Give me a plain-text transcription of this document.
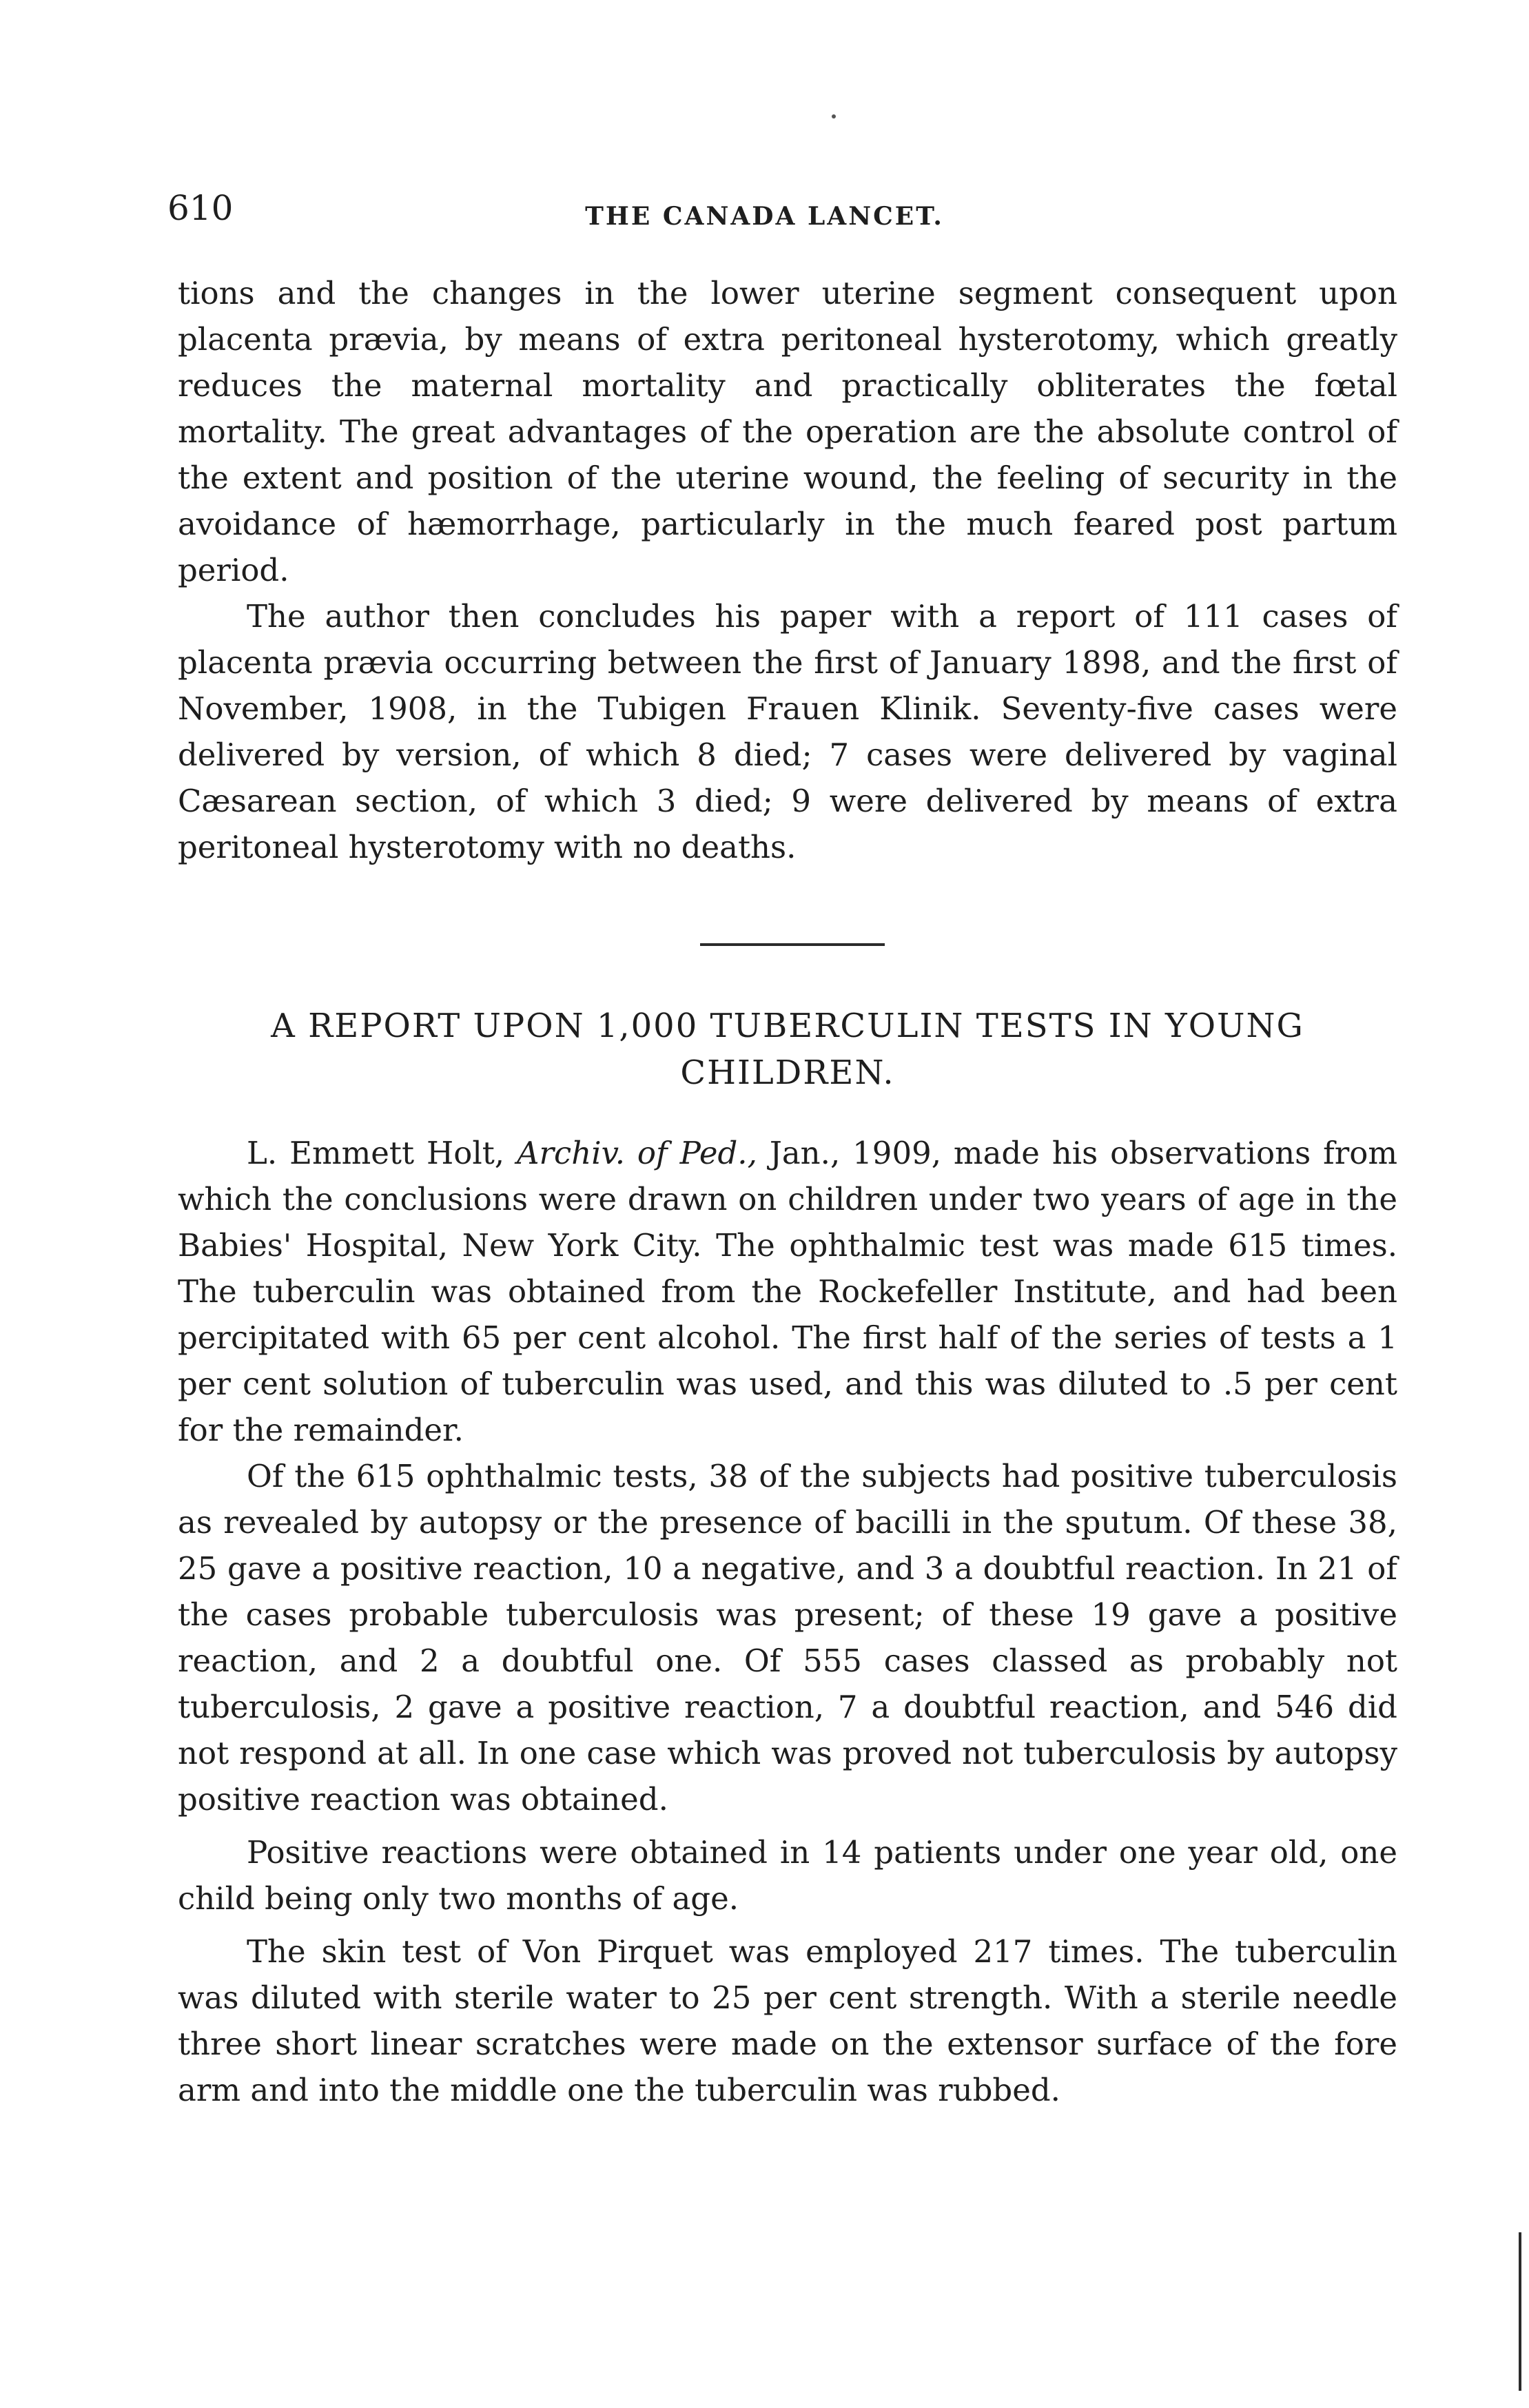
610	THE CANADA LANCET.

tions and the changes in the lower uterine segment consequent upon placenta prævia, by means of extra peritoneal hysterotomy, which greatly reduces the maternal mortality and practically obliterates the fœtal mortality. The great advantages of the operation are the absolute control of the extent and position of the uterine wound, the feeling of security in the avoidance of hæmorrhage, particularly in the much feared post partum period.

The author then concludes his paper with a report of 111 cases of placenta prævia occurring between the first of January 1898, and the first of November, 1908, in the Tubigen Frauen Klinik. Seventy-five cases were delivered by version, of which 8 died; 7 cases were delivered by vaginal Cæsarean section, of which 3 died; 9 were delivered by means of extra peritoneal hysterotomy with no deaths.

A REPORT UPON 1,000 TUBERCULIN TESTS IN YOUNG
CHILDREN.

L. Emmett Holt, Archiv. of Ped., Jan., 1909, made his observations from which the conclusions were drawn on children under two years of age in the Babies' Hospital, New York City. The ophthalmic test was made 615 times. The tuberculin was obtained from the Rockefeller Institute, and had been percipitated with 65 per cent alcohol. The first half of the series of tests a 1 per cent solution of tuberculin was used, and this was diluted to .5 per cent for the remainder.

Of the 615 ophthalmic tests, 38 of the subjects had positive tuberculosis as revealed by autopsy or the presence of bacilli in the sputum. Of these 38, 25 gave a positive reaction, 10 a negative, and 3 a doubtful reaction. In 21 of the cases probable tuberculosis was present; of these 19 gave a positive reaction, and 2 a doubtful one. Of 555 cases classed as probably not tuberculosis, 2 gave a positive reaction, 7 a doubtful reaction, and 546 did not respond at all. In one case which was proved not tuberculosis by autopsy positive reaction was obtained.

Positive reactions were obtained in 14 patients under one year old, one child being only two months of age.

The skin test of Von Pirquet was employed 217 times. The tuberculin was diluted with sterile water to 25 per cent strength. With a sterile needle three short linear scratches were made on the extensor surface of the fore arm and into the middle one the tuberculin was rubbed.
